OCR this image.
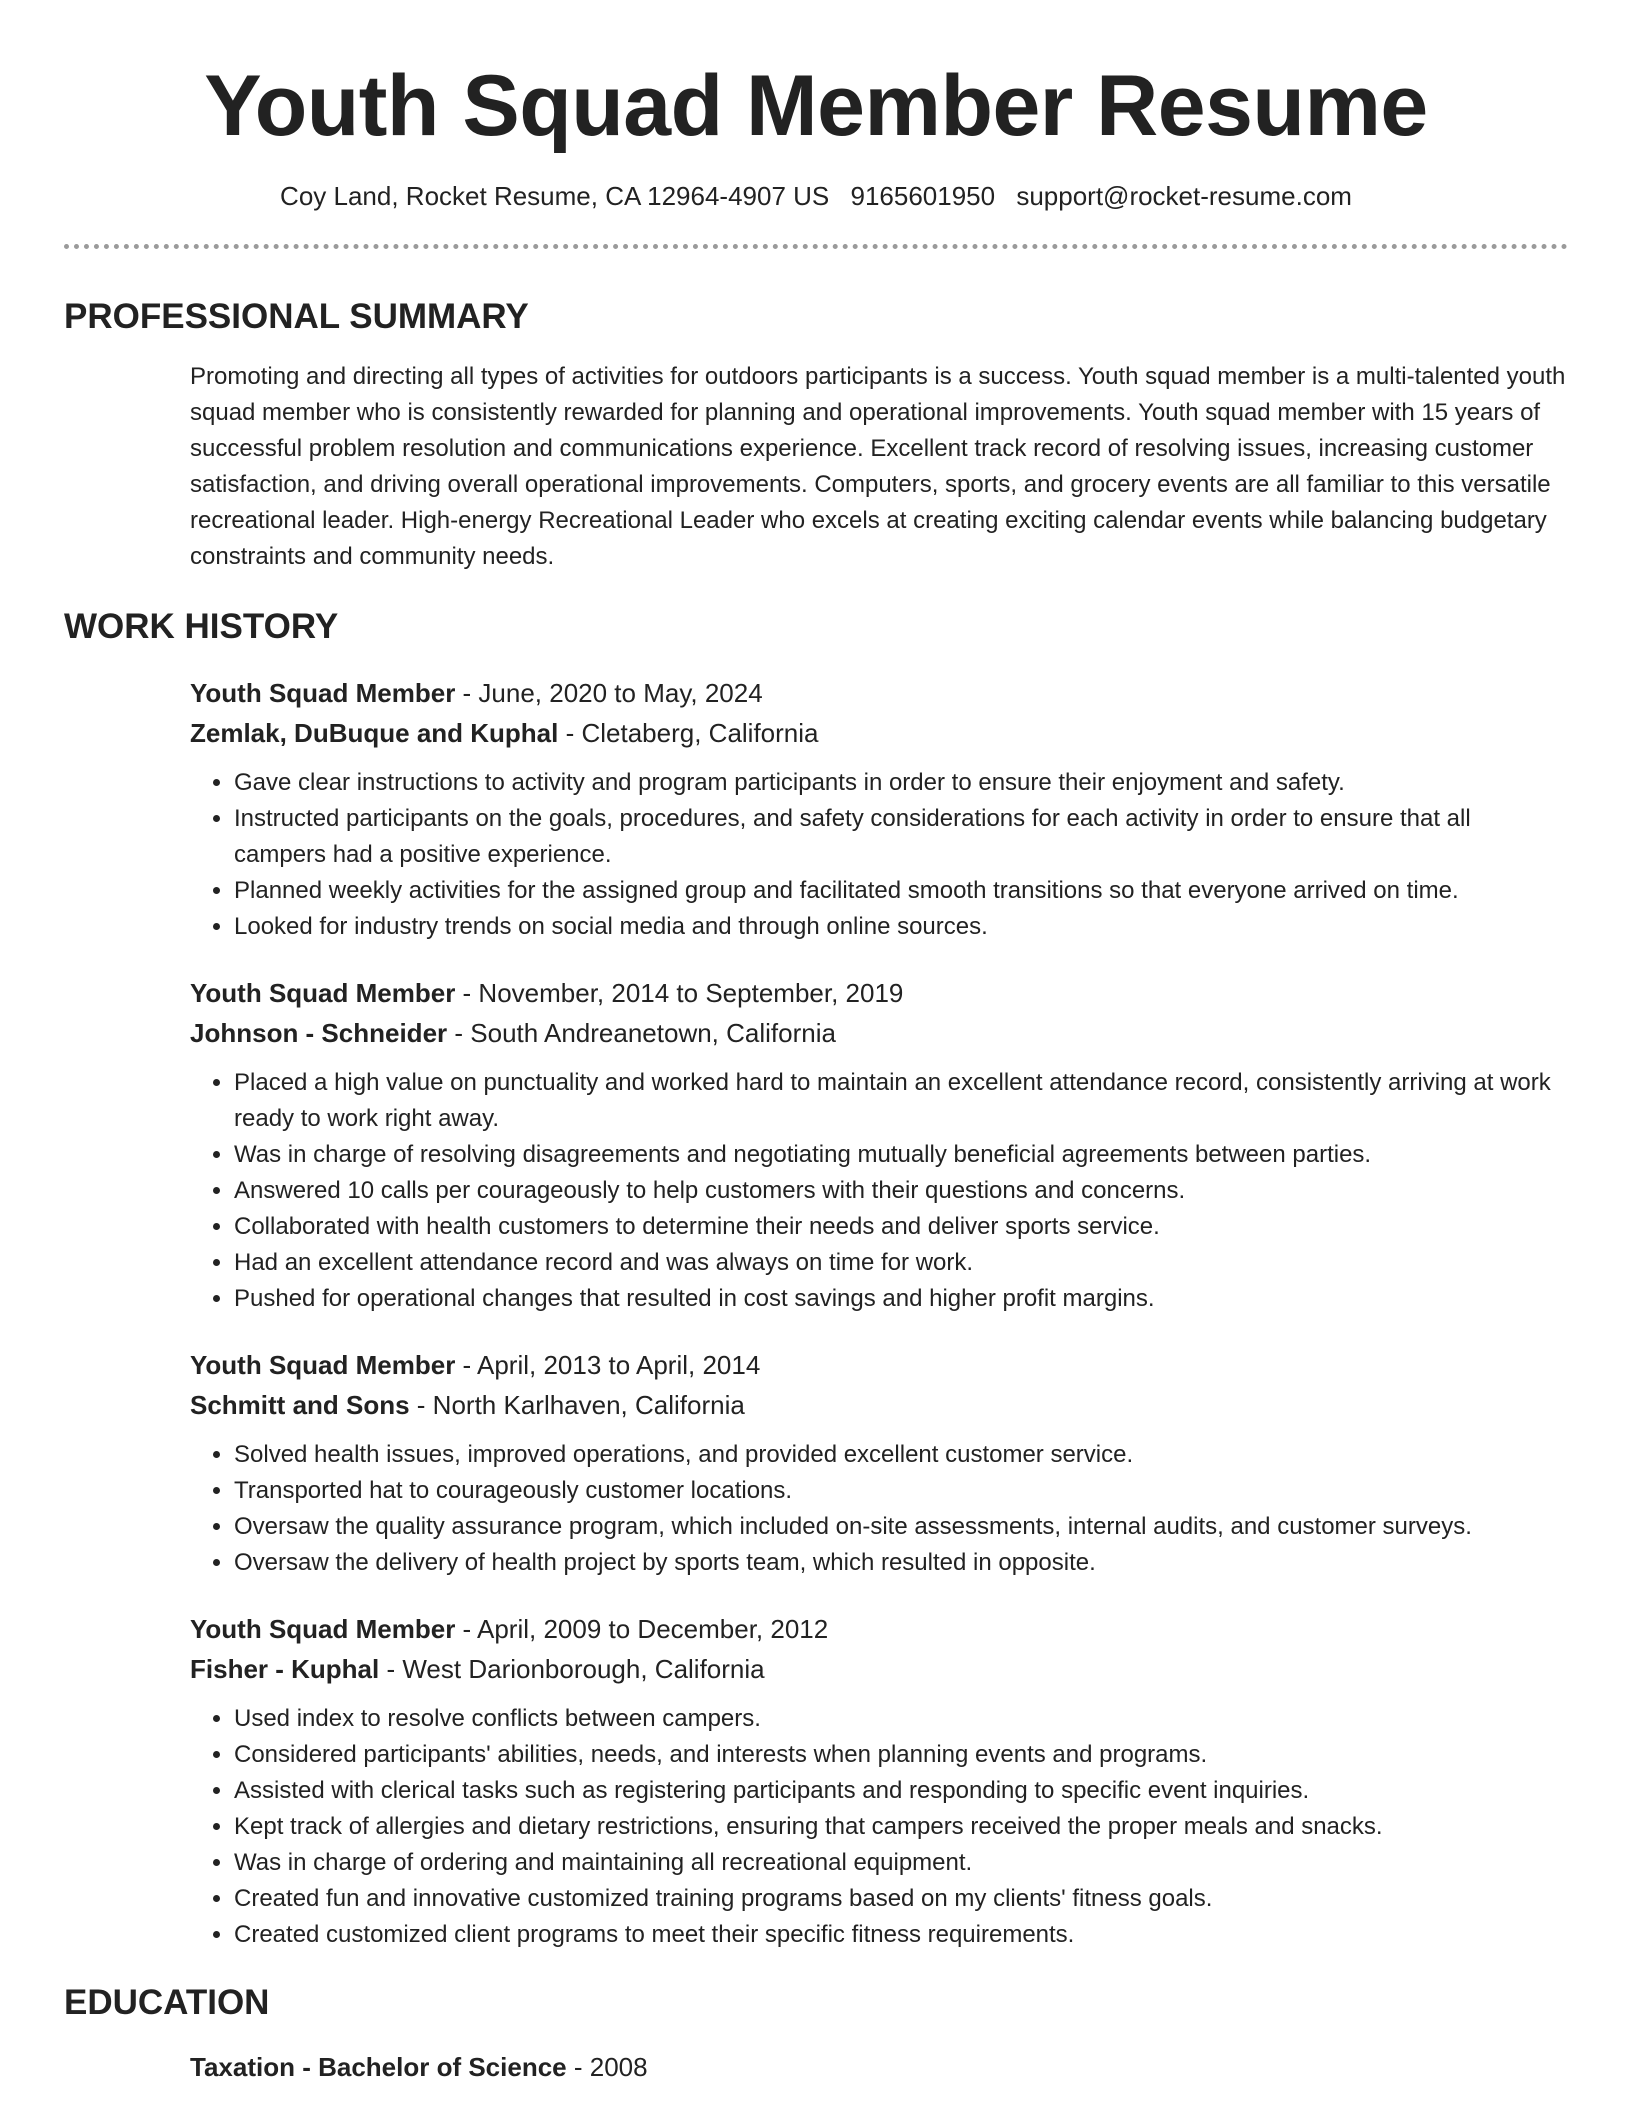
Youth Squad Member Resume
Coy Land, Rocket Resume, CA 12964-4907 US 9165601950 support@rocket-resume.com
PROFESSIONAL SUMMARY

Promoting and directing all types of activities for outdoors participants is a success. Youth squad member is a multi-talented youth squad member who is consistently rewarded for planning and operational improvements. Youth squad member with 15 years of successful problem resolution and communications experience. Excellent track record of resolving issues, increasing customer satisfaction, and driving overall operational improvements. Computers, sports, and grocery events are all familiar to this versatile recreational leader. High-energy Recreational Leader who excels at creating exciting calendar events while balancing budgetary constraints and community needs.

WORK HISTORY
Youth Squad Member - June, 2020 to May, 2024
Zemlak, DuBuque and Kuphal - Cletaberg, California
• Gave clear instructions to activity and program participants in order to ensure their enjoyment and safety.
• Instructed participants on the goals, procedures, and safety considerations for each activity in order to ensure that all campers had a positive experience.
• Planned weekly activities for the assigned group and facilitated smooth transitions so that everyone arrived on time.
• Looked for industry trends on social media and through online sources.
Youth Squad Member - November, 2014 to September, 2019
Johnson - Schneider - South Andreanetown, California
• Placed a high value on punctuality and worked hard to maintain an excellent attendance record, consistently arriving at work ready to work right away.
• Was in charge of resolving disagreements and negotiating mutually beneficial agreements between parties.
• Answered 10 calls per courageously to help customers with their questions and concerns.
• Collaborated with health customers to determine their needs and deliver sports service.
• Had an excellent attendance record and was always on time for work.
• Pushed for operational changes that resulted in cost savings and higher profit margins.
Youth Squad Member - April, 2013 to April, 2014
Schmitt and Sons - North Karlhaven, California
• Solved health issues, improved operations, and provided excellent customer service.
• Transported hat to courageously customer locations.
• Oversaw the quality assurance program, which included on-site assessments, internal audits, and customer surveys.
• Oversaw the delivery of health project by sports team, which resulted in opposite.
Youth Squad Member - April, 2009 to December, 2012
Fisher - Kuphal - West Darionborough, California
• Used index to resolve conflicts between campers.
• Considered participants' abilities, needs, and interests when planning events and programs.
• Assisted with clerical tasks such as registering participants and responding to specific event inquiries.
• Kept track of allergies and dietary restrictions, ensuring that campers received the proper meals and snacks.
• Was in charge of ordering and maintaining all recreational equipment.
• Created fun and innovative customized training programs based on my clients' fitness goals.
• Created customized client programs to meet their specific fitness requirements.
EDUCATION
Taxation - Bachelor of Science - 2008
